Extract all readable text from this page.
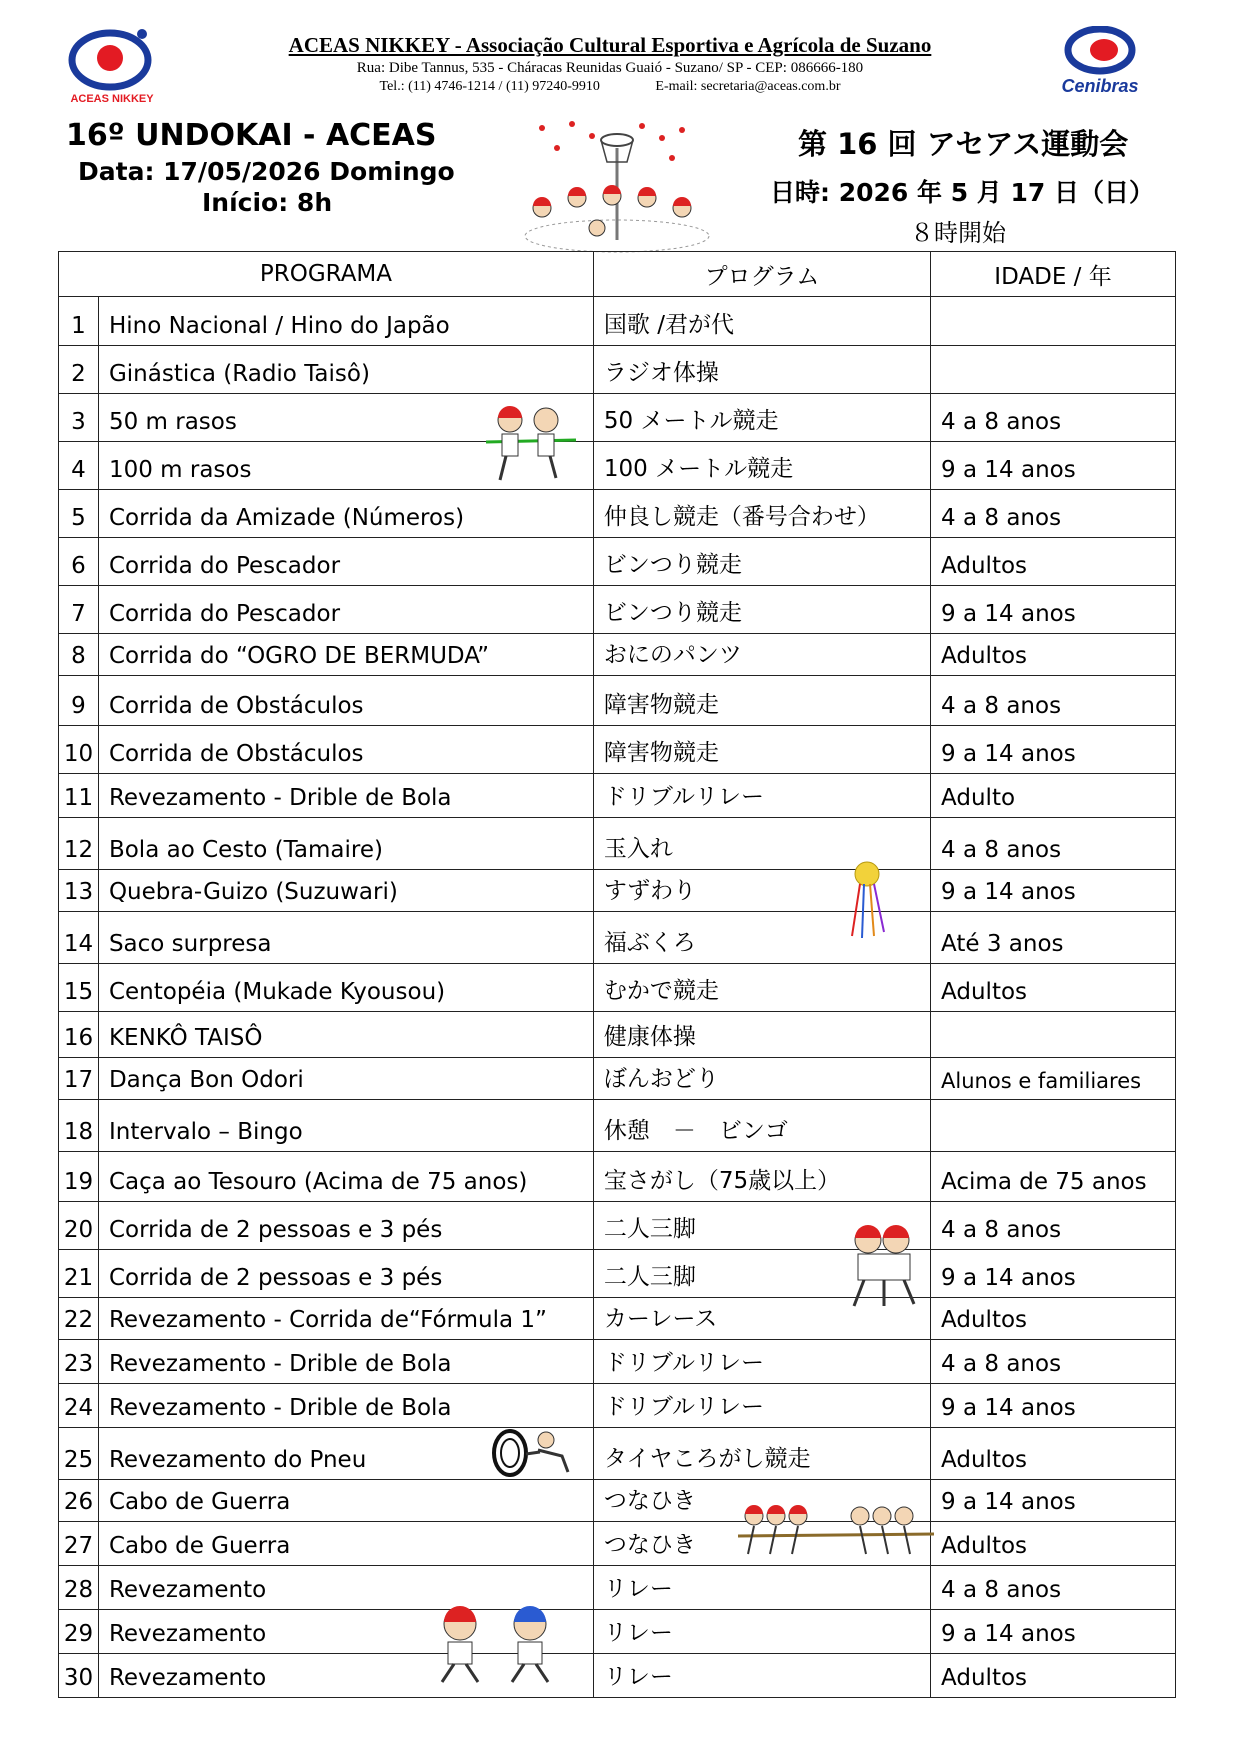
ACEAS NIKKEY
Cenibras
ACEAS NIKKEY - Associação Cultural Esportiva e Agrícola de Suzano
Rua: Dibe Tannus, 535 - Cháracas Reunidas Guaió - Suzano/ SP - CEP: 086666-180
Tel.: (11) 4746-1214 / (11) 97240-9910	E-mail: secretaria@aceas.com.br
16º UNDOKAI - ACEAS
Data: 17/05/2026 Domingo
Início: 8h
第 16 回 アセアス運動会
日時: 2026 年 5 月 17 日（日）
８時開始
PROGRAMA		プログラム	IDADE / 年
1	Hino Nacional / Hino do Japão	国歌 /君が代	
2	Ginástica (Radio Taisô)	ラジオ体操	
3	50 m rasos	50 メートル競走	4 a 8 anos
4	100 m rasos	100 メートル競走	9 a 14 anos
5	Corrida da Amizade (Números)	仲良し競走（番号合わせ）	4 a 8 anos
6	Corrida do Pescador	ビンつり競走	Adultos
7	Corrida do Pescador	ビンつり競走	9 a 14 anos
8	Corrida do “OGRO DE BERMUDA”	おにのパンツ	Adultos
9	Corrida de Obstáculos	障害物競走	4 a 8 anos
10	Corrida de Obstáculos	障害物競走	9 a 14 anos
11	Revezamento - Drible de Bola	ドリブルリレー	Adulto
12	Bola ao Cesto (Tamaire)	玉入れ	4 a 8 anos
13	Quebra-Guizo (Suzuwari)	すずわり	9 a 14 anos
14	Saco surpresa	福ぶくろ	Até 3 anos
15	Centopéia (Mukade Kyousou)	むかで競走	Adultos
16	KENKÔ TAISÔ	健康体操	
17	Dança Bon Odori	ぼんおどり	Alunos e familiares
18	Intervalo – Bingo	休憩　－　ビンゴ	
19	Caça ao Tesouro (Acima de 75 anos)	宝さがし（75歳以上）	Acima de 75 anos
20	Corrida de 2 pessoas e 3 pés	二人三脚	4 a 8 anos
21	Corrida de 2 pessoas e 3 pés	二人三脚	9 a 14 anos
22	Revezamento - Corrida de“Fórmula 1”	カーレース	Adultos
23	Revezamento - Drible de Bola	ドリブルリレー	4 a 8 anos
24	Revezamento - Drible de Bola	ドリブルリレー	9 a 14 anos
25	Revezamento do Pneu	タイヤころがし競走	Adultos
26	Cabo de Guerra	つなひき	9 a 14 anos
27	Cabo de Guerra	つなひき	Adultos
28	Revezamento	リレー	4 a 8 anos
29	Revezamento	リレー	9 a 14 anos
30	Revezamento	リレー	Adultos
